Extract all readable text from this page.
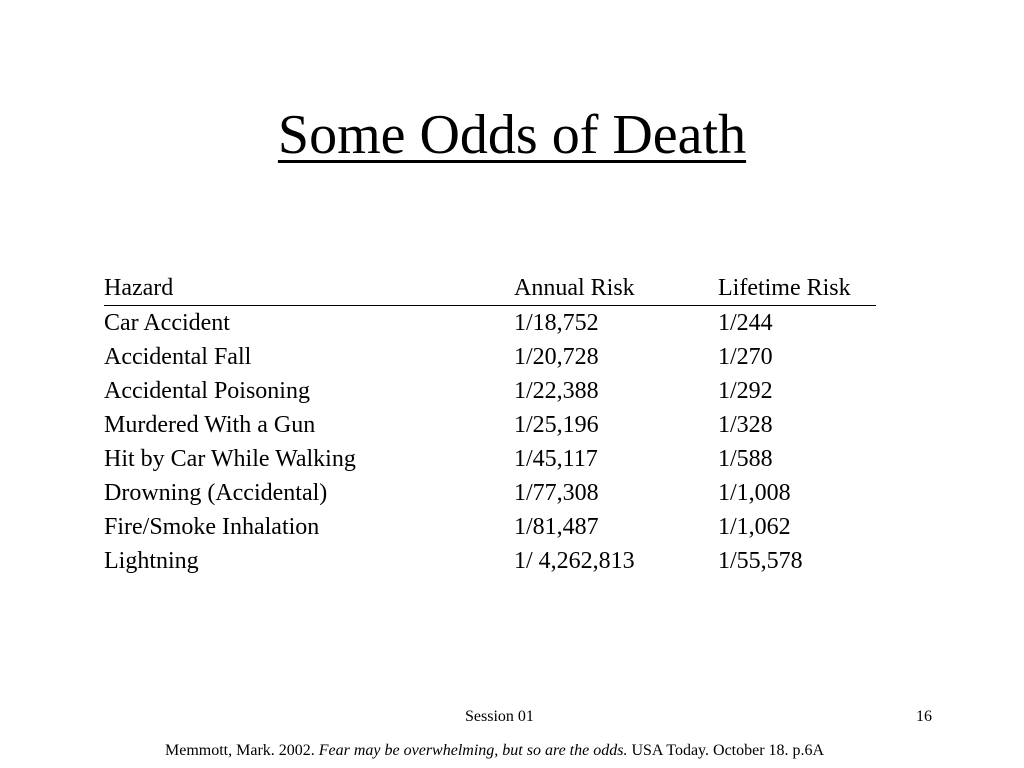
Some Odds of Death
Hazard	Annual Risk	Lifetime Risk
Car Accident	1/18,752	1/244
Accidental Fall	1/20,728	1/270
Accidental Poisoning	1/22,388	1/292
Murdered With a Gun	1/25,196	1/328
Hit by Car While Walking	1/45,117	1/588
Drowning (Accidental)	1/77,308	1/1,008
Fire/Smoke Inhalation	1/81,487	1/1,062
Lightning	1/ 4,262,813	1/55,578
Session 01	16
Memmott, Mark. 2002. Fear may be overwhelming, but so are the odds. USA Today. October 18. p.6A
